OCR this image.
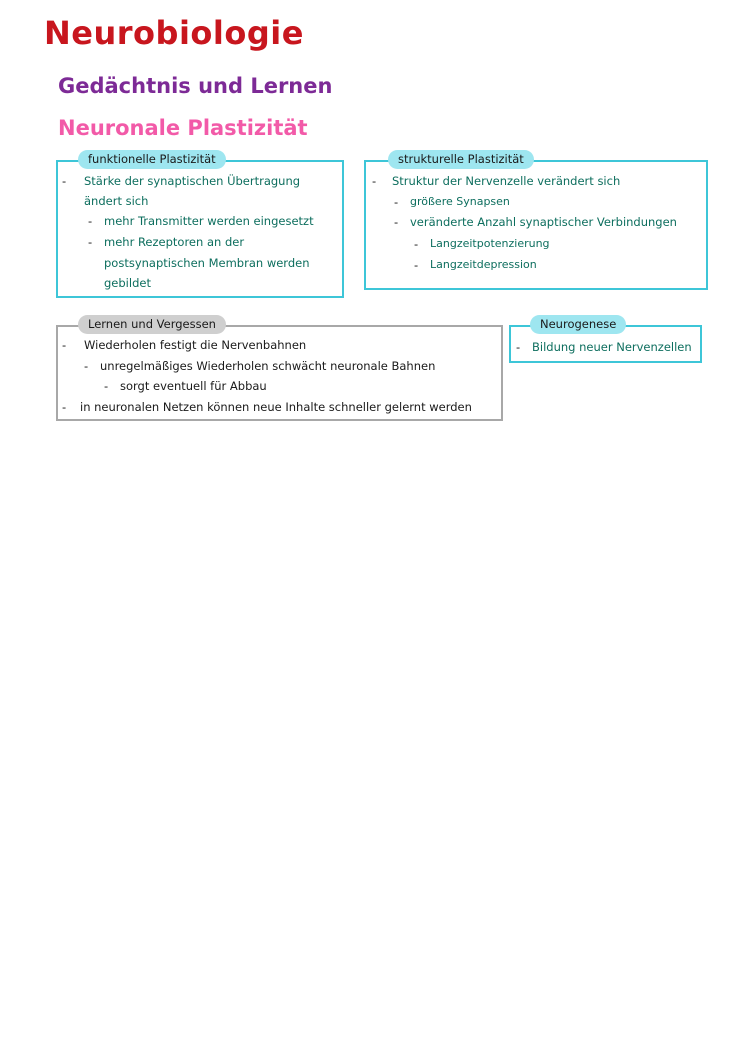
Neurobiologie
Gedächtnis und Lernen
Neuronale Plastizität
funktionelle Plastizität
- Stärke der synaptischen Übertragung
ändert sich
- mehr Transmitter werden eingesetzt
- mehr Rezeptoren an der
postsynaptischen Membran werden
gebildet
strukturelle Plastizität
- Struktur der Nervenzelle verändert sich
- größere Synapsen
- veränderte Anzahl synaptischer Verbindungen
- Langzeitpotenzierung
- Langzeitdepression
Lernen und Vergessen
- Wiederholen festigt die Nervenbahnen
- unregelmäßiges Wiederholen schwächt neuronale Bahnen
- sorgt eventuell für Abbau
- in neuronalen Netzen können neue Inhalte schneller gelernt werden
Neurogenese
- Bildung neuer Nervenzellen
